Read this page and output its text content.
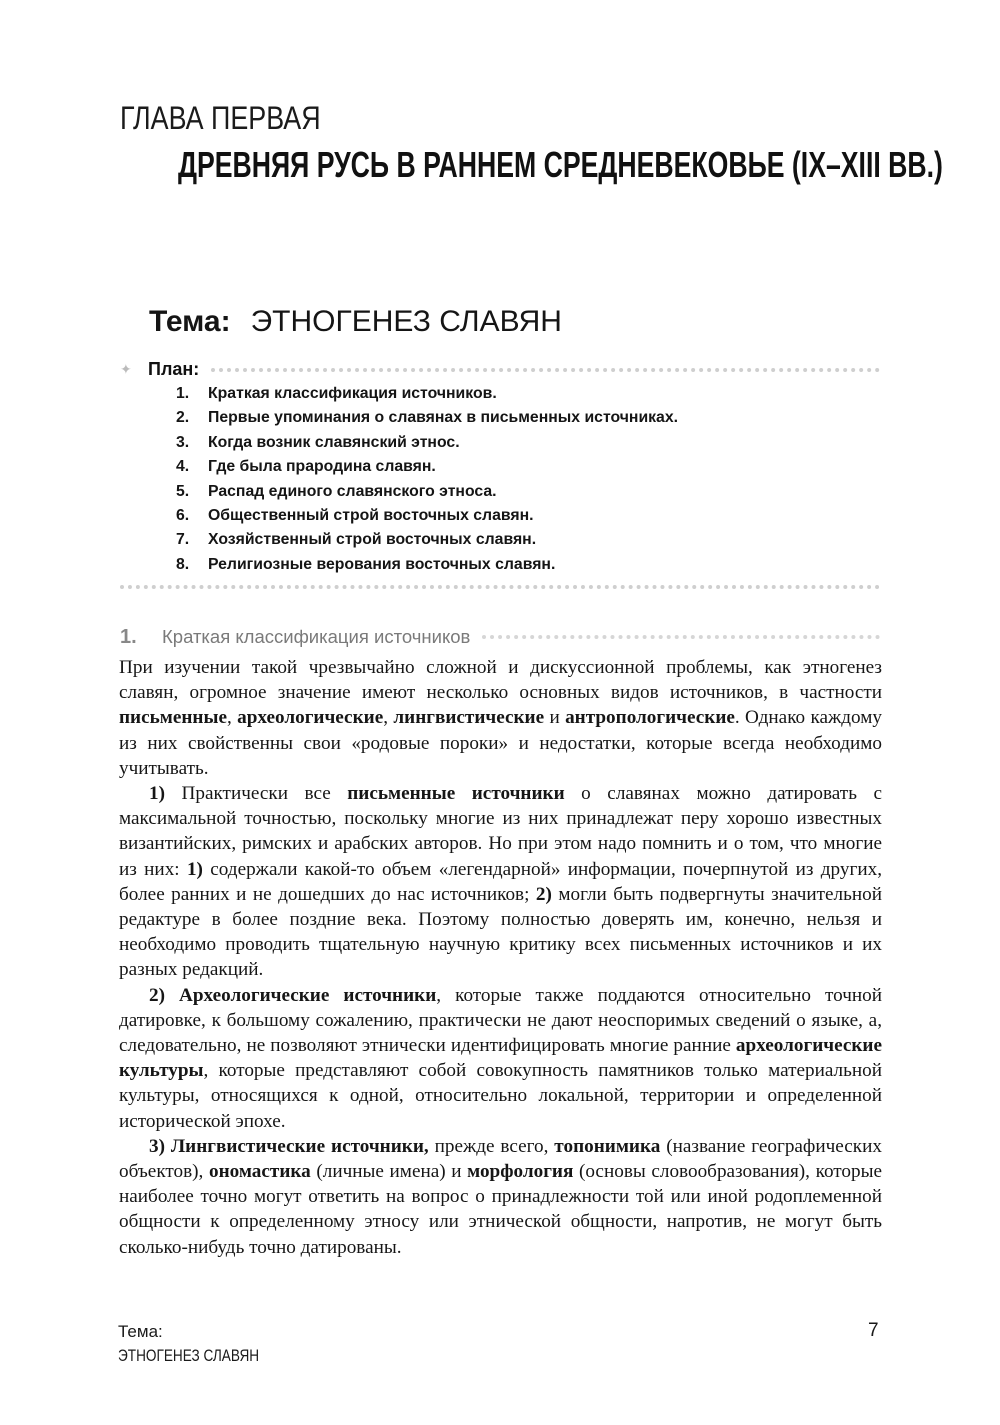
ГЛАВА ПЕРВАЯ
ДРЕВНЯЯ РУСЬ В РАННЕМ СРЕДНЕВЕКОВЬЕ (IX–XIII ВВ.)
Тема: ЭТНОГЕНЕЗ СЛАВЯН
✦ План:
1. Краткая классификация источников.
2. Первые упоминания о славянах в письменных источниках.
3. Когда возник славянский этнос.
4. Где была прародина славян.
5. Распад единого славянского этноса.
6. Общественный строй восточных славян.
7. Хозяйственный строй восточных славян.
8. Религиозные верования восточных славян.
1.	Краткая классификация источников

При изучении такой чрезвычайно сложной и дискуссионной проблемы, как этногенез славян, огромное значение имеют несколько основных видов источников, в частности письменные, археологические, лингвистические и антропологические. Однако каждому из них свойственны свои «родовые пороки» и недостатки, которые всегда необходимо учитывать.

1) Практически все письменные источники о славянах можно датировать с максимальной точностью, поскольку многие из них принадлежат перу хорошо известных византийских, римских и арабских авторов. Но при этом надо помнить и о том, что многие из них: 1) содержали какой-то объем «легендарной» информации, почерпнутой из других, более ранних и не дошедших до нас источников; 2) могли быть подвергнуты значительной редактуре в более поздние века. Поэтому полностью доверять им, конечно, нельзя и необходимо проводить тщательную научную критику всех письменных источников и их разных редакций.

2) Археологические источники, которые также поддаются относительно точной датировке, к большому сожалению, практически не дают неоспоримых сведений о языке, а, следовательно, не позволяют этнически идентифицировать многие ранние археологические культуры, которые представляют собой совокупность памятников только материальной культуры, относящихся к одной, относительно локальной, территории и определенной исторической эпохе.

3) Лингвистические источники, прежде всего, топонимика (название географических объектов), ономастика (личные имена) и морфология (основы словообразования), которые наиболее точно могут ответить на вопрос о принадлежности той или иной родоплеменной общности к определенному этносу или этнической общности, напротив, не могут быть сколько-нибудь точно датированы.

Тема:
ЭТНОГЕНЕЗ СЛАВЯН
7
